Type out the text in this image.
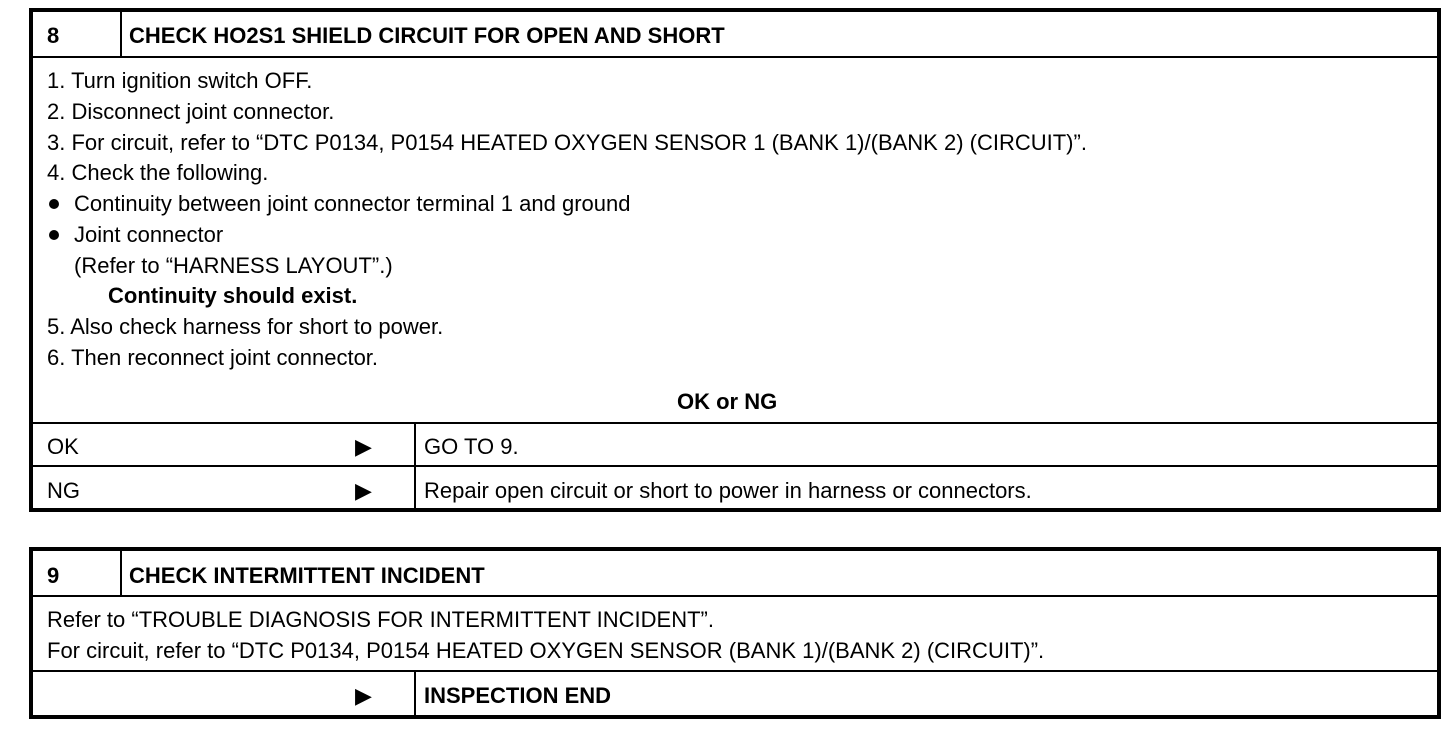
8	CHECK HO2S1 SHIELD CIRCUIT FOR OPEN AND SHORT
1. Turn ignition switch OFF.
2. Disconnect joint connector.
3. For circuit, refer to “DTC P0134, P0154 HEATED OXYGEN SENSOR 1 (BANK 1)/(BANK 2) (CIRCUIT)”.
4. Check the following.
Continuity between joint connector terminal 1 and ground
Joint connector
(Refer to “HARNESS LAYOUT”.)
Continuity should exist.
5. Also check harness for short to power.
6. Then reconnect joint connector.
OK or NG
OK	▶ GO TO 9.
NG	▶ Repair open circuit or short to power in harness or connectors.
9	CHECK INTERMITTENT INCIDENT
Refer to “TROUBLE DIAGNOSIS FOR INTERMITTENT INCIDENT”.
For circuit, refer to “DTC P0134, P0154 HEATED OXYGEN SENSOR (BANK 1)/(BANK 2) (CIRCUIT)”.
▶ INSPECTION END
